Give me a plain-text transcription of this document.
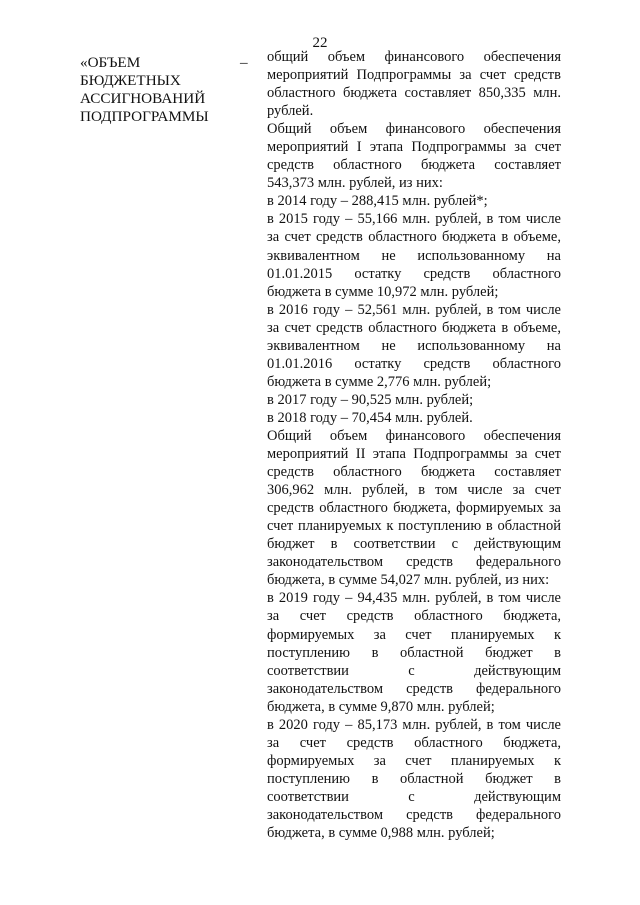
22
«ОБЪЕМ
БЮДЖЕТНЫХ
АССИГНОВАНИЙ
ПОДПРОГРАММЫ
– общий объем финансового обеспечения мероприятий Подпрограммы за счет средств областного бюджета составляет 850,335 млн. рублей.

Общий объем финансового обеспечения мероприятий I этапа Подпрограммы за счет средств областного бюджета составляет 543,373 млн. рублей, из них:

в 2014 году – 288,415 млн. рублей*;

в 2015 году – 55,166 млн. рублей, в том числе за счет средств областного бюджета в объеме, эквивалентном не использованному на 01.01.2015 остатку средств областного бюджета в сумме 10,972 млн. рублей;

в 2016 году – 52,561 млн. рублей, в том числе за счет средств областного бюджета в объеме, эквивалентном не использованному на 01.01.2016 остатку средств областного бюджета в сумме 2,776 млн. рублей;

в 2017 году – 90,525 млн. рублей;

в 2018 году – 70,454 млн. рублей.

Общий объем финансового обеспечения мероприятий II этапа Подпрограммы за счет средств областного бюджета составляет 306,962 млн. рублей, в том числе за счет средств областного бюджета, формируемых за счет планируемых к поступлению в областной бюджет в соответствии с действующим законодательством средств федерального бюджета, в сумме 54,027 млн. рублей, из них:

в 2019 году – 94,435 млн. рублей, в том числе за счет средств областного бюджета, формируемых за счет планируемых к поступлению в областной бюджет в соответствии с действующим законодательством средств федерального бюджета, в сумме 9,870 млн. рублей;

в 2020 году – 85,173 млн. рублей, в том числе за счет средств областного бюджета, формируемых за счет планируемых к поступлению в областной бюджет в соответствии с действующим законодательством средств федерального бюджета, в сумме 0,988 млн. рублей;
